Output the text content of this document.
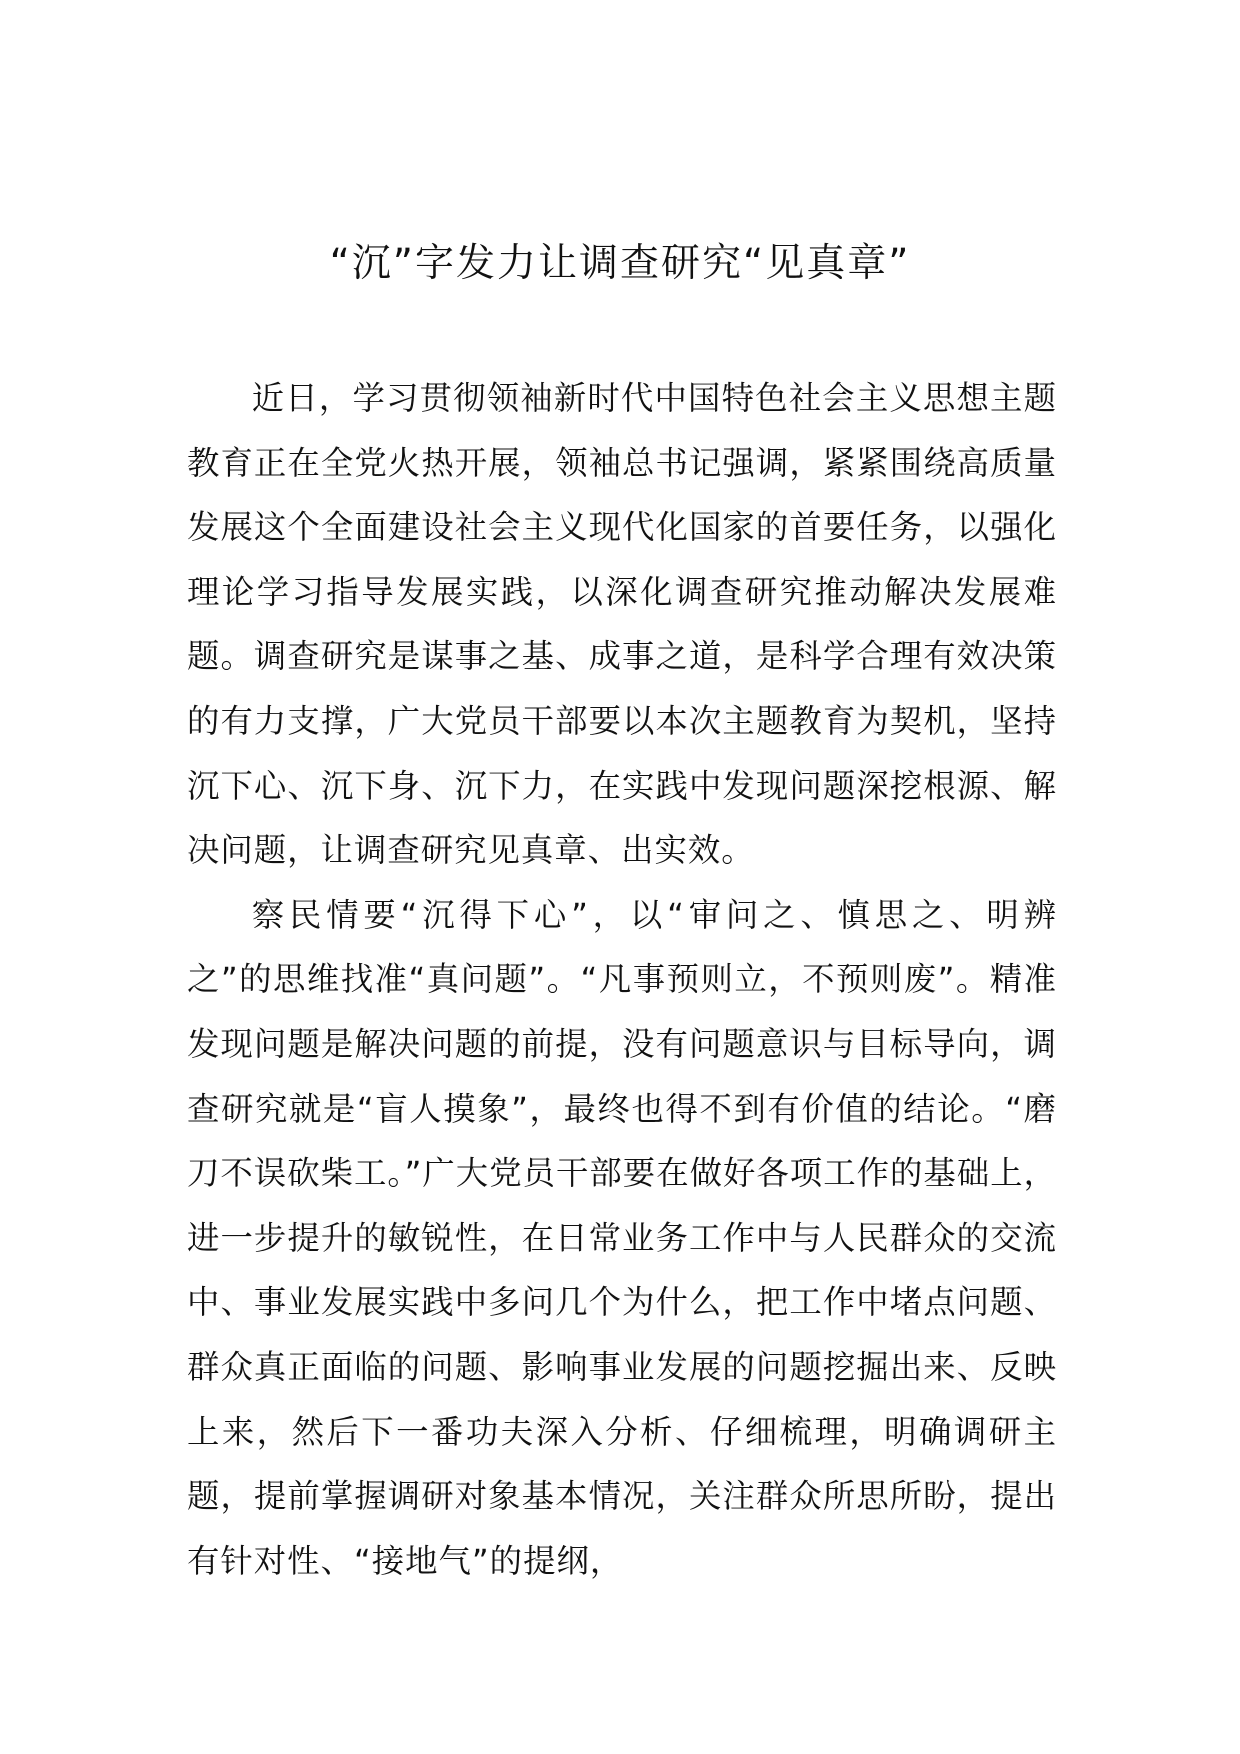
“沉”字发力让调查研究“见真章”

近日，学习贯彻领袖新时代中国特色社会主义思想主题教育正在全党火热开展，领袖总书记强调，紧紧围绕高质量发展这个全面建设社会主义现代化国家的首要任务，以强化理论学习指导发展实践，以深化调查研究推动解决发展难题。调查研究是谋事之基、成事之道，是科学合理有效决策的有力支撑，广大党员干部要以本次主题教育为契机，坚持沉下心、沉下身、沉下力，在实践中发现问题深挖根源、解决问题，让调查研究见真章、出实效。

察民情要“沉得下心”，以“审问之、慎思之、明辨之”的思维找准“真问题”。“凡事预则立，不预则废”。精准发现问题是解决问题的前提，没有问题意识与目标导向，调查研究就是“盲人摸象”，最终也得不到有价值的结论。“磨刀不误砍柴工。”广大党员干部要在做好各项工作的基础上，进一步提升的敏锐性，在日常业务工作中与人民群众的交流中、事业发展实践中多问几个为什么，把工作中堵点问题、群众真正面临的问题、影响事业发展的问题挖掘出来、反映上来，然后下一番功夫深入分析、仔细梳理，明确调研主题，提前掌握调研对象基本情况，关注群众所思所盼，提出有针对性、“接地气”的提纲，
